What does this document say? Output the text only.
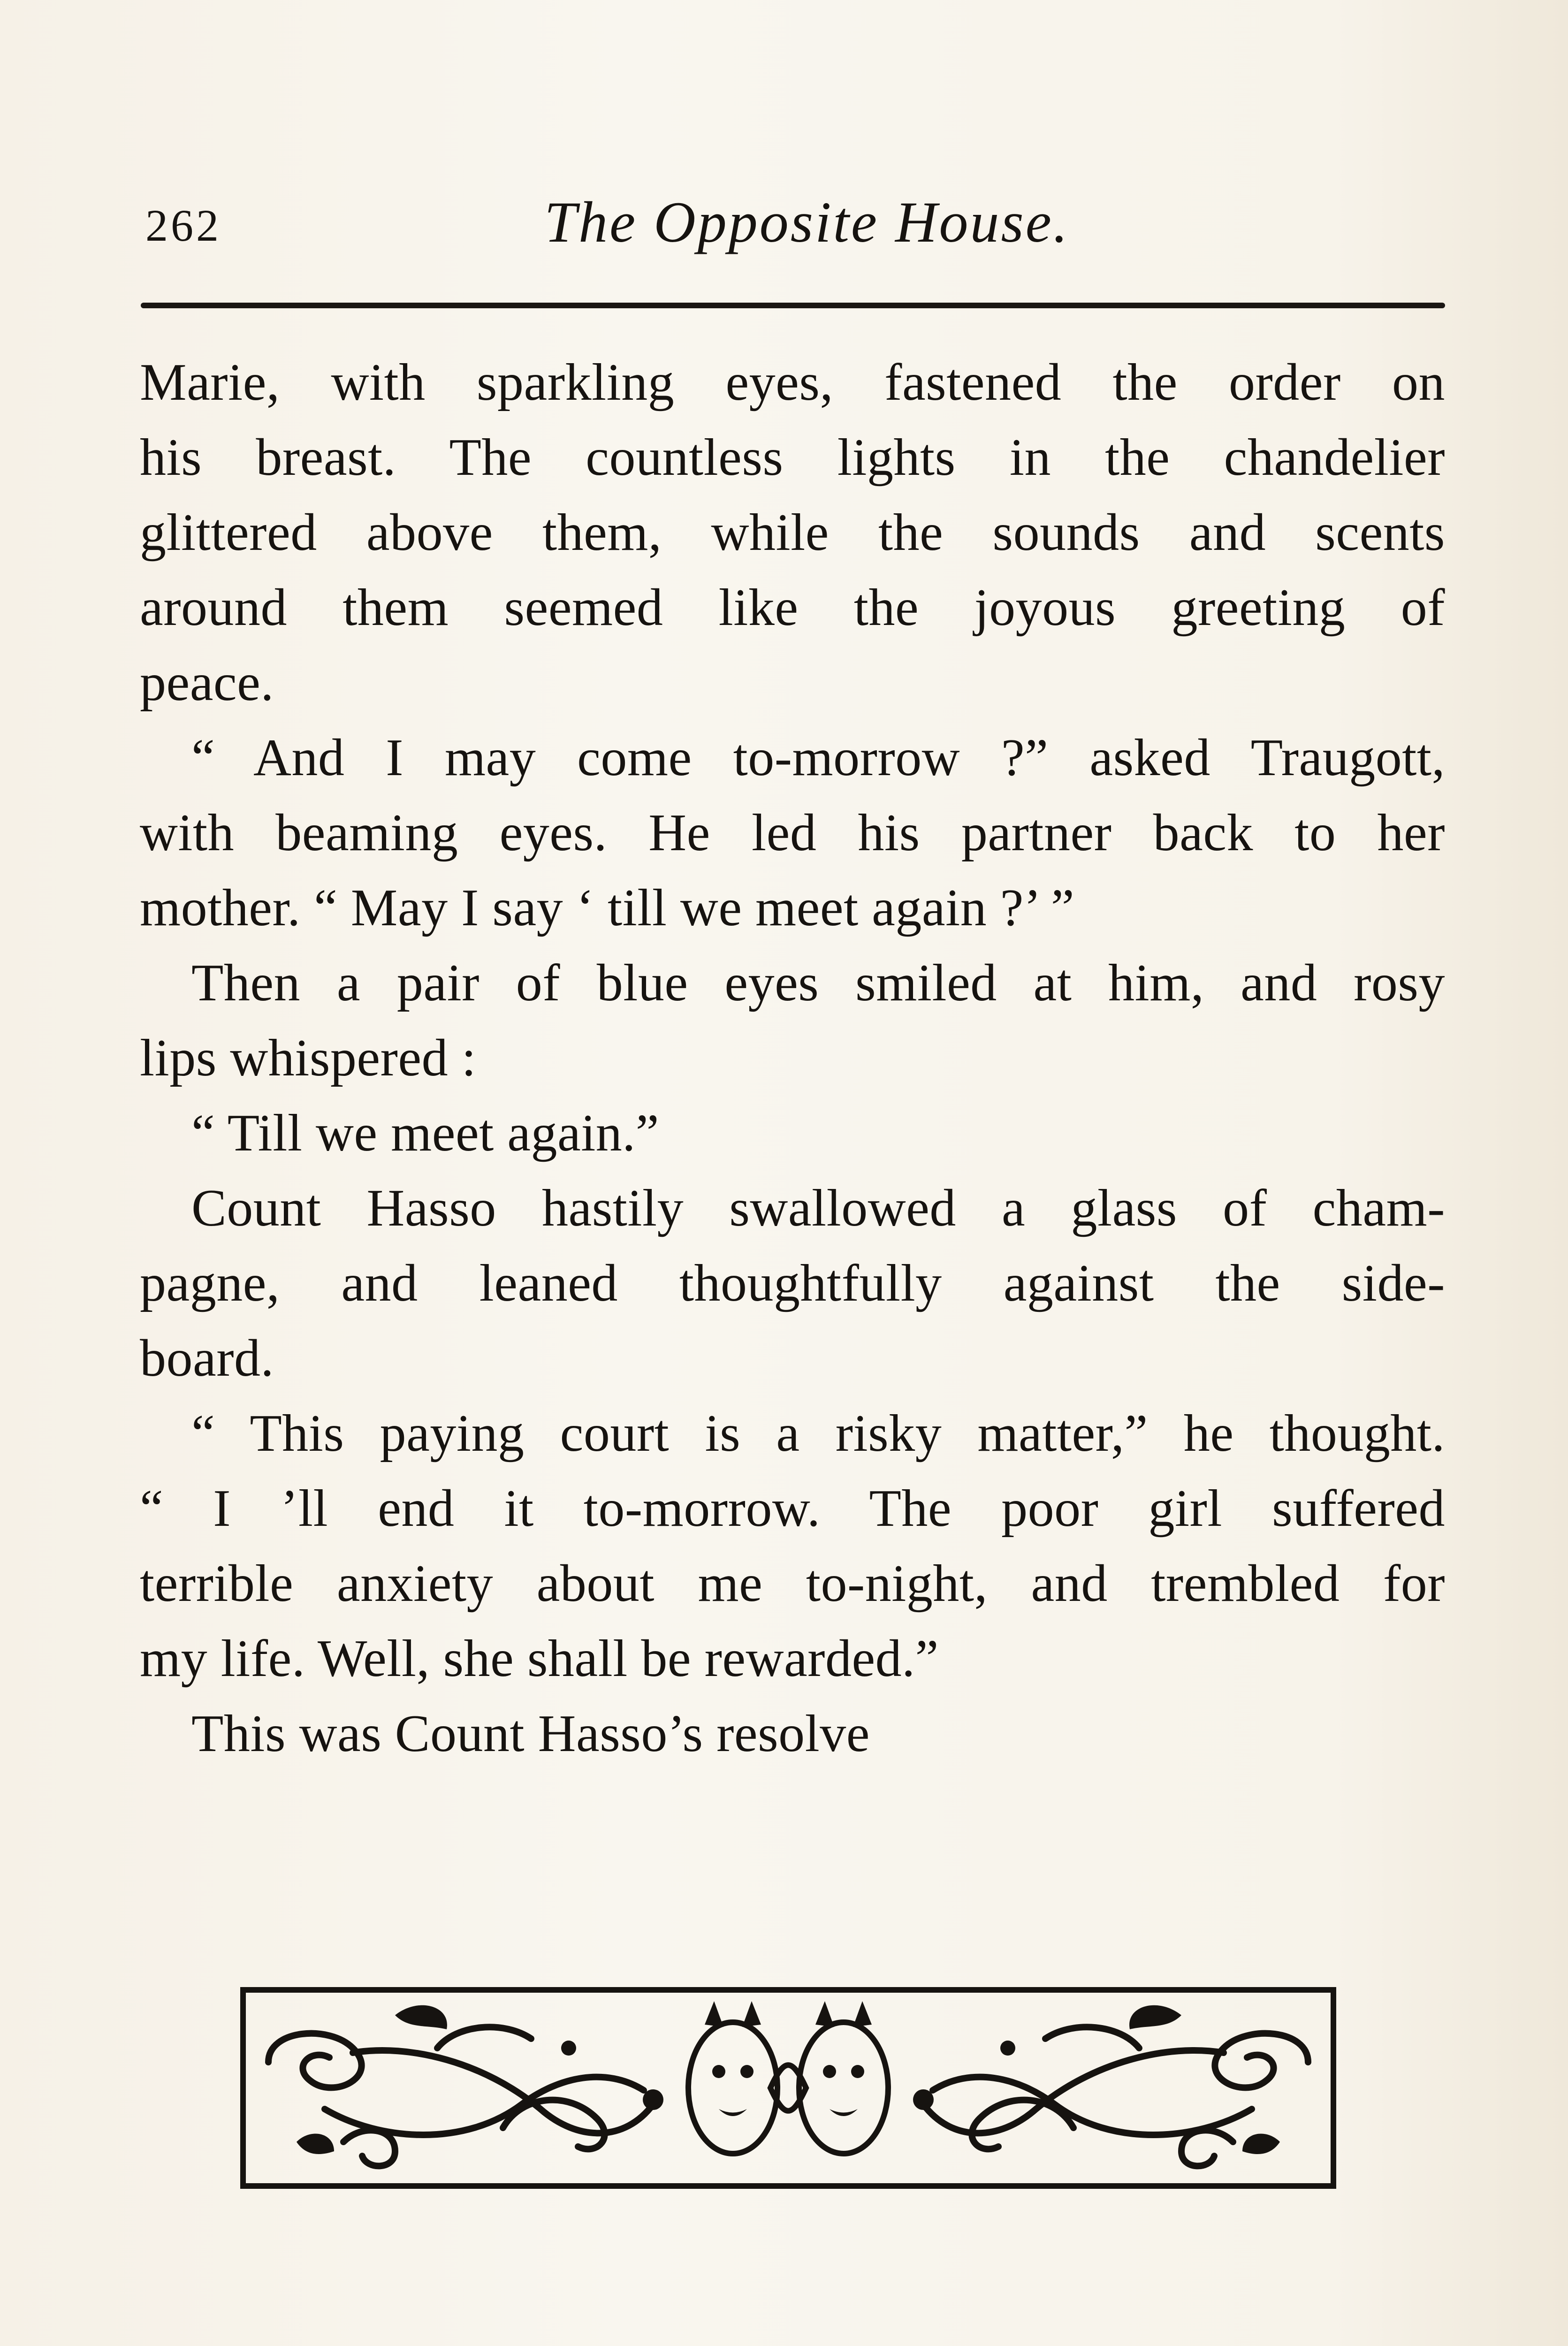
262	The Opposite House.
Marie, with sparkling eyes, fastened the order on
his breast. The countless lights in the chandelier
glittered above them, while the sounds and scents
around them seemed like the joyous greeting of
peace.
“ And I may come to-morrow ?” asked Traugott,
with beaming eyes. He led his partner back to her
mother. “ May I say ‘ till we meet again ?’ ”
Then a pair of blue eyes smiled at him, and rosy
lips whispered :
“ Till we meet again.”
Count Hasso hastily swallowed a glass of cham-
pagne, and leaned thoughtfully against the side-
board.
“ This paying court is a risky matter,” he thought.
“ I ’ll end it to-morrow. The poor girl suffered
terrible anxiety about me to-night, and trembled for
my life. Well, she shall be rewarded.”
This was Count Hasso’s resolve
